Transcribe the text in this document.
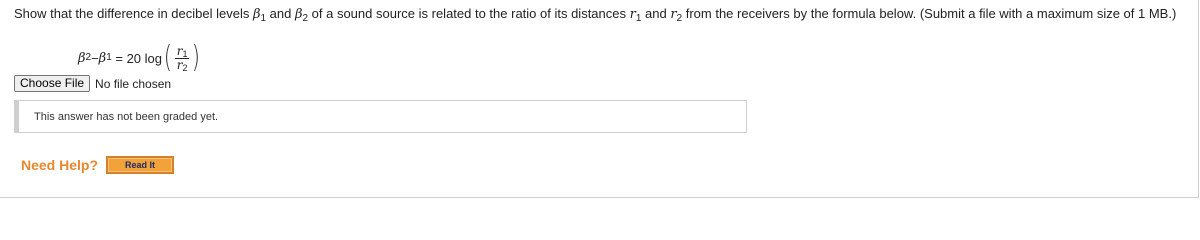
Show that the difference in decibel levels $\beta_1$ and $\beta_2$ of a sound source is related to the ratio of its distances $r_1$ and $r_2$ from the receivers by the formula below. (Submit a file with a maximum size of 1 MB.)
β 2 − β 1 = 20 log ( $\frac{r_1}{r_2}$ )
Choose File No file chosen
This answer has not been graded yet.
Need Help?	Read It
